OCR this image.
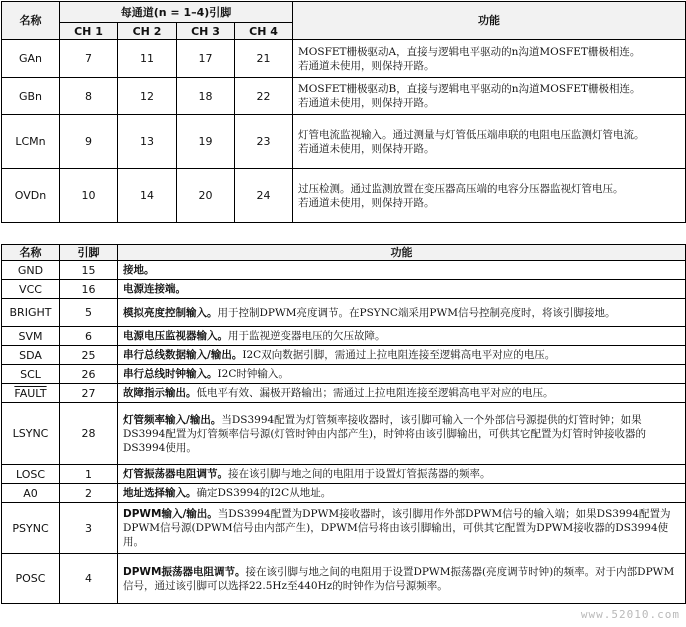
名称	每通道(n = 1–4)引脚				功能
	CH 1	CH 2	CH 3	CH 4	
GAn	7	11	17	21	MOSFET栅极驱动A，直接与逻辑电平驱动的n沟道MOSFET栅极相连。
若通道未使用，则保持开路。

GBn	8	12	18	22	MOSFET栅极驱动B，直接与逻辑电平驱动的n沟道MOSFET栅极相连。
若通道未使用，则保持开路。

LCMn	9	13	19	23	灯管电流监视输入。通过测量与灯管低压端串联的电阻电压监测灯管电流。
若通道未使用，则保持开路。

OVDn	10	14	20	24	过压检测。通过监测放置在变压器高压端的电容分压器监视灯管电压。
若通道未使用，则保持开路。
名称	引脚	功能
GND	15	接地。
VCC	16	电源连接端。
BRIGHT	5	模拟亮度控制输入。用于控制DPWM亮度调节。在PSYNC端采用PWM信号控制亮度时，将该引脚接地。
SVM	6	电源电压监视器输入。用于监视逆变器电压的欠压故障。
SDA	25	串行总线数据输入/输出。I2C双向数据引脚，需通过上拉电阻连接至逻辑高电平对应的电压。
SCL	26	串行总线时钟输入。I2C时钟输入。
FAULT	27	故障指示输出。低电平有效、漏极开路输出；需通过上拉电阻连接至逻辑高电平对应的电压。
LSYNC	28	灯管频率输入/输出。当DS3994配置为灯管频率接收器时，该引脚可输入一个外部信号源提供的灯管时钟；如果DS3994配置为灯管频率信号源(灯管时钟由内部产生)，时钟将由该引脚输出，可供其它配置为灯管时钟接收器的DS3994使用。
LOSC	1	灯管振荡器电阻调节。接在该引脚与地之间的电阻用于设置灯管振荡器的频率。
A0	2	地址选择输入。确定DS3994的I2C从地址。
PSYNC	3	DPWM输入/输出。当DS3994配置为DPWM接收器时，该引脚用作外部DPWM信号的输入端；如果DS3994配置为DPWM信号源(DPWM信号由内部产生)，DPWM信号将由该引脚输出，可供其它配置为DPWM接收器的DS3994使用。
POSC	4	DPWM振荡器电阻调节。接在该引脚与地之间的电阻用于设置DPWM振荡器(亮度调节时钟)的频率。对于内部DPWM信号，通过该引脚可以选择22.5Hz至440Hz的时钟作为信号源频率。
www.52010.com
